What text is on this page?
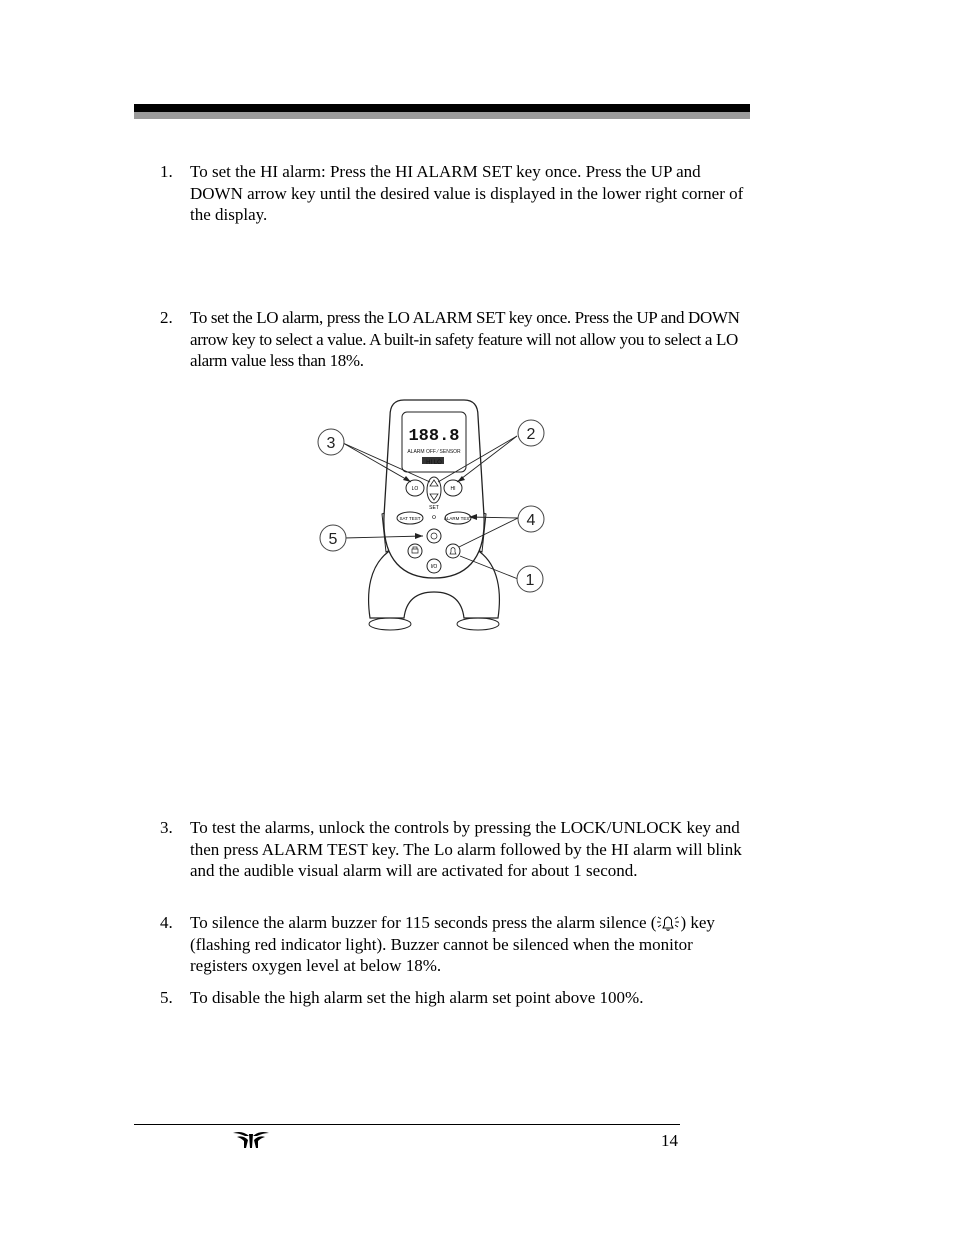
1.	To set the HI alarm: Press the HI ALARM SET key once. Press the UP and DOWN arrow key until the desired value is displayed in the lower right corner of the display.
2.	To set the LO alarm, press the LO ALARM SET key once. Press the UP and DOWN arrow key to select a value. A built-in safety feature will not allow you to select a LO alarm value less than 18%.
188.8
ALARM OFF ⁄ SENSOR
HI LO
LO	HI
SET
SAT TEST	ALARM TEST
I/O
3
2
4
5
1
3.	To test the alarms, unlock the controls by pressing the LOCK/UNLOCK key and then press ALARM TEST key. The Lo alarm followed by the HI alarm will blink and the audible visual alarm will are activated for about 1 second.
4.	To silence the alarm buzzer for 115 seconds press the alarm silence ( ) key (flashing red indicator light). Buzzer cannot be silenced when the monitor registers oxygen level at below 18%.
5.	To disable the high alarm set the high alarm set point above 100%.
14
